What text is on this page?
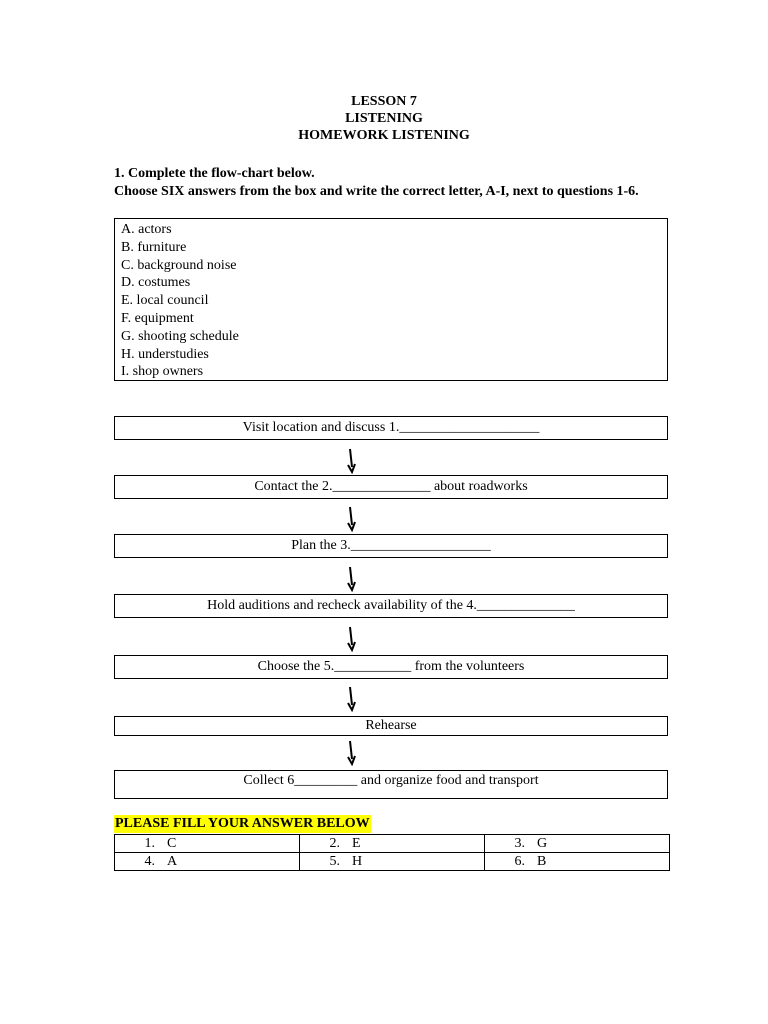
LESSON 7
LISTENING
HOMEWORK LISTENING
1. Complete the flow-chart below.
Choose SIX answers from the box and write the correct letter, A-I, next to questions 1-6.
A. actors
B. furniture
C. background noise
D. costumes
E. local council
F. equipment
G. shooting schedule
H. understudies
I. shop owners
Visit location and discuss 1.____________________
Contact the 2.______________ about roadworks
Plan the 3.____________________
Hold auditions and recheck availability of the 4.______________
Choose the 5.___________ from the volunteers
Rehearse
Collect 6_________ and organize food and transport
PLEASE FILL YOUR ANSWER BELOW
1. C	2. E	3. G
4. A	5. H	6. B
